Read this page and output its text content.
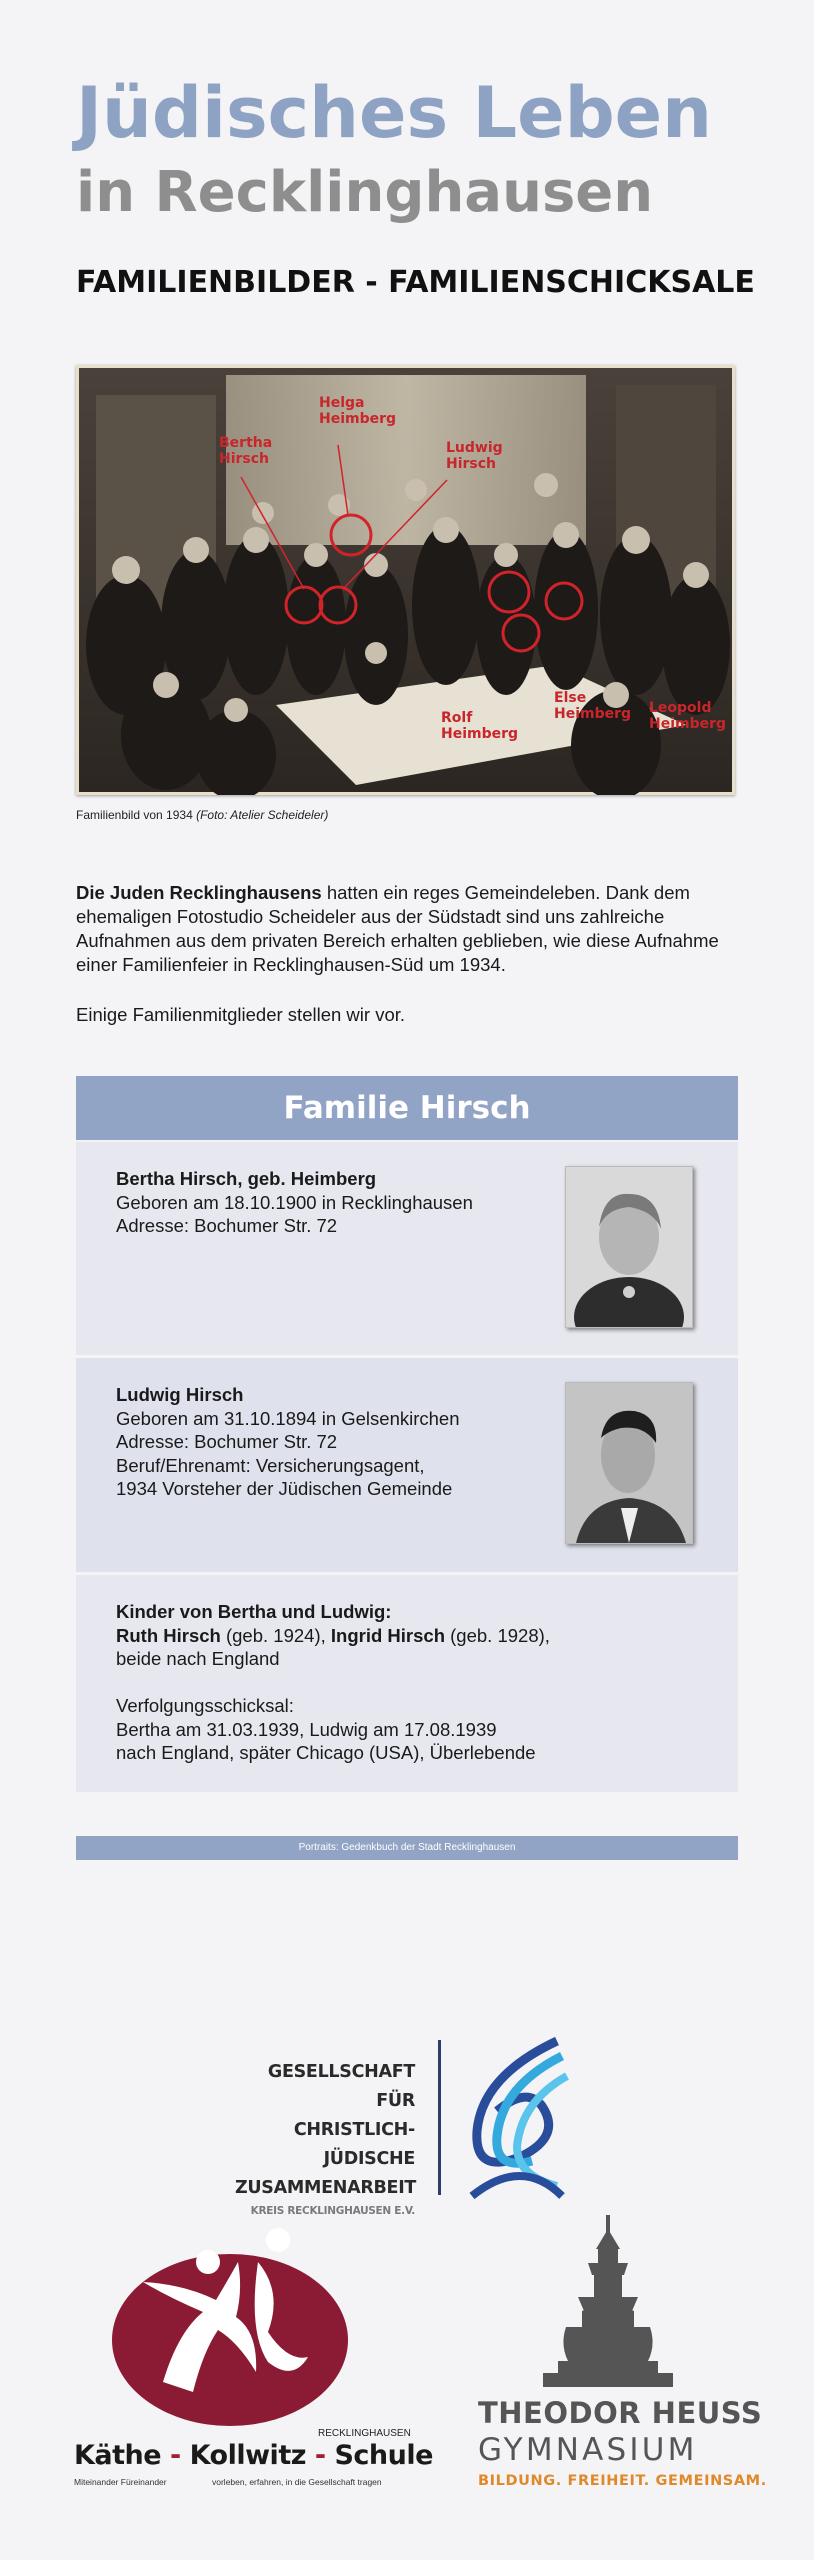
Jüdisches Leben
in Recklinghausen
FAMILIENBILDER - FAMILIENSCHICKSALE
Bertha
Hirsch
Helga
Heimberg
Ludwig
Hirsch
Rolf
Heimberg
Else
Heimberg Leopold
Heimberg
Familienbild von 1934 (Foto: Atelier Scheideler)
Die Juden Recklinghausens hatten ein reges Gemeindeleben. Dank dem ehemaligen Fotostudio Scheideler aus der Südstadt sind uns zahlreiche Aufnahmen aus dem privaten Bereich erhalten geblieben, wie diese Aufnahme einer Familienfeier in Recklinghausen-Süd um 1934.
Einige Familienmitglieder stellen wir vor.
Familie Hirsch
Bertha Hirsch, geb. Heimberg
Geboren am 18.10.1900 in Recklinghausen
Adresse: Bochumer Str. 72
Ludwig Hirsch
Geboren am 31.10.1894 in Gelsenkirchen
Adresse: Bochumer Str. 72
Beruf/Ehrenamt: Versicherungsagent,
1934 Vorsteher der Jüdischen Gemeinde
Kinder von Bertha und Ludwig:
Ruth Hirsch (geb. 1924), Ingrid Hirsch (geb. 1928),
beide nach England

Verfolgungsschicksal:
Bertha am 31.03.1939, Ludwig am 17.08.1939
nach England, später Chicago (USA), Überlebende
Portraits: Gedenkbuch der Stadt Recklinghausen
GESELLSCHAFT FÜR
CHRISTLICH-JÜDISCHE
ZUSAMMENARBEIT
KREIS RECKLINGHAUSEN E.V.
RECKLINGHAUSEN
Käthe - Kollwitz - Schule
Miteinander Füreinander	vorleben, erfahren, in die Gesellschaft tragen
THEODOR HEUSS
GYMNASIUM
BILDUNG. FREIHEIT. GEMEINSAM.
